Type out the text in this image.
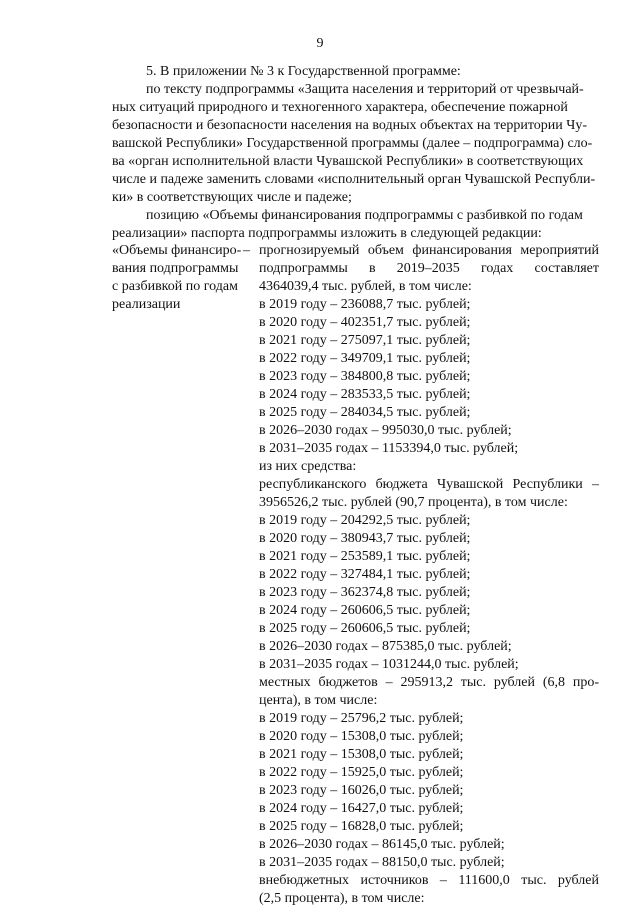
9
5. В приложении № 3 к Государственной программе:
по тексту подпрограммы «Защита населения и территорий от чрезвычай-
ных ситуаций природного и техногенного характера, обеспечение пожарной
безопасности и безопасности населения на водных объектах на территории Чу-
вашской Республики» Государственной программы (далее – подпрограмма) сло-
ва «орган исполнительной власти Чувашской Республики» в соответствующих
числе и падеже заменить словами «исполнительный орган Чувашской Республи-
ки» в соответствующих числе и падеже;
позицию «Объемы финансирования подпрограммы с разбивкой по годам
реализации» паспорта подпрограммы изложить в следующей редакции:
«Объемы финансиро-
вания подпрограммы
с разбивкой по годам
реализации
– прогнозируемый объем финансирования мероприятий
подпрограммы в 2019–2035 годах составляет
4364039,4 тыс. рублей, в том числе:
в 2019 году – 236088,7 тыс. рублей;
в 2020 году – 402351,7 тыс. рублей;
в 2021 году – 275097,1 тыс. рублей;
в 2022 году – 349709,1 тыс. рублей;
в 2023 году – 384800,8 тыс. рублей;
в 2024 году – 283533,5 тыс. рублей;
в 2025 году – 284034,5 тыс. рублей;
в 2026–2030 годах – 995030,0 тыс. рублей;
в 2031–2035 годах – 1153394,0 тыс. рублей;
из них средства:
республиканского бюджета Чувашской Республики –
3956526,2 тыс. рублей (90,7 процента), в том числе:
в 2019 году – 204292,5 тыс. рублей;
в 2020 году – 380943,7 тыс. рублей;
в 2021 году – 253589,1 тыс. рублей;
в 2022 году – 327484,1 тыс. рублей;
в 2023 году – 362374,8 тыс. рублей;
в 2024 году – 260606,5 тыс. рублей;
в 2025 году – 260606,5 тыс. рублей;
в 2026–2030 годах – 875385,0 тыс. рублей;
в 2031–2035 годах – 1031244,0 тыс. рублей;
местных бюджетов – 295913,2 тыс. рублей (6,8 про-
цента), в том числе:
в 2019 году – 25796,2 тыс. рублей;
в 2020 году – 15308,0 тыс. рублей;
в 2021 году – 15308,0 тыс. рублей;
в 2022 году – 15925,0 тыс. рублей;
в 2023 году – 16026,0 тыс. рублей;
в 2024 году – 16427,0 тыс. рублей;
в 2025 году – 16828,0 тыс. рублей;
в 2026–2030 годах – 86145,0 тыс. рублей;
в 2031–2035 годах – 88150,0 тыс. рублей;
внебюджетных источников – 111600,0 тыс. рублей
(2,5 процента), в том числе:
